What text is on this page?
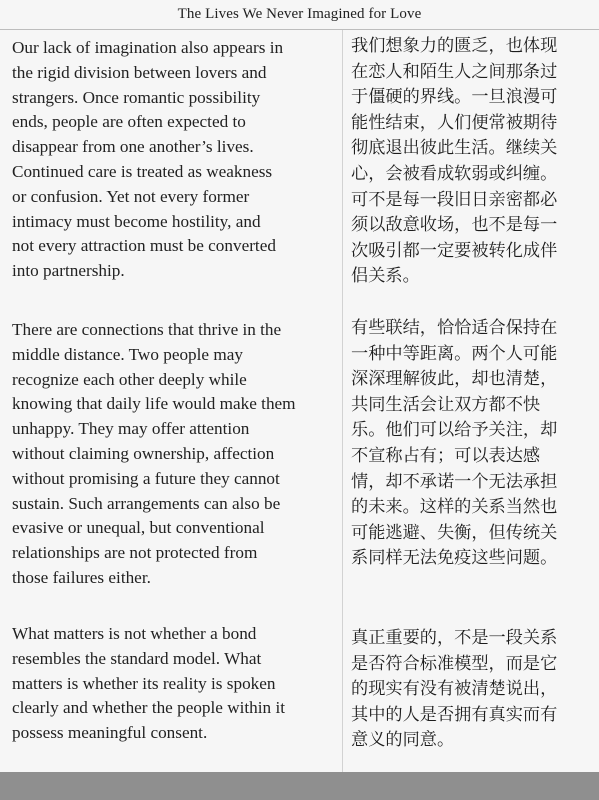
The Lives We Never Imagined for Love
Our lack of imagination also appears in
the rigid division between lovers and
strangers. Once romantic possibility
ends, people are often expected to
disappear from one another’s lives.
Continued care is treated as weakness
or confusion. Yet not every former
intimacy must become hostility, and
not every attraction must be converted
into partnership.
我们想象力的匮乏，也体现
在恋人和陌生人之间那条过
于僵硬的界线。一旦浪漫可
能性结束，人们便常被期待
彻底退出彼此生活。继续关
心，会被看成软弱或纠缠。
可不是每一段旧日亲密都必
须以敌意收场，也不是每一
次吸引都一定要被转化成伴
侣关系。
There are connections that thrive in the
middle distance. Two people may
recognize each other deeply while
knowing that daily life would make them
unhappy. They may offer attention
without claiming ownership, affection
without promising a future they cannot
sustain. Such arrangements can also be
evasive or unequal, but conventional
relationships are not protected from
those failures either.
有些联结，恰恰适合保持在
一种中等距离。两个人可能
深深理解彼此，却也清楚，
共同生活会让双方都不快
乐。他们可以给予关注，却
不宣称占有；可以表达感
情，却不承诺一个无法承担
的未来。这样的关系当然也
可能逃避、失衡，但传统关
系同样无法免疫这些问题。
What matters is not whether a bond
resembles the standard model. What
matters is whether its reality is spoken
clearly and whether the people within it
possess meaningful consent.
真正重要的，不是一段关系
是否符合标准模型，而是它
的现实有没有被清楚说出，
其中的人是否拥有真实而有
意义的同意。
